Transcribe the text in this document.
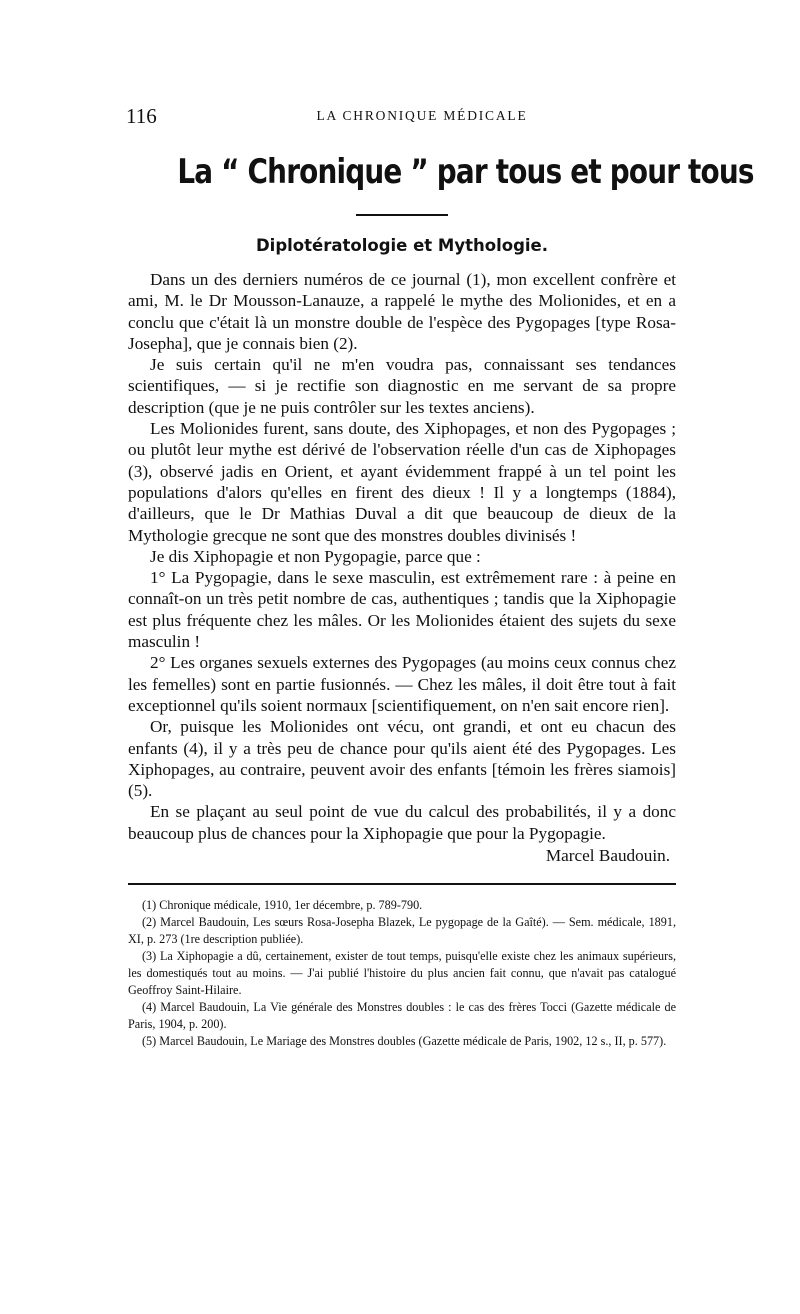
116	LA CHRONIQUE MÉDICALE
La “ Chronique ” par tous et pour tous
Diplotératologie et Mythologie.

Dans un des derniers numéros de ce journal (1), mon excellent confrère et ami, M. le Dr Mousson-Lanauze, a rappelé le mythe des Molionides, et en a conclu que c'était là un monstre double de l'espèce des Pygopages [type Rosa-Josepha], que je connais bien (2).

Je suis certain qu'il ne m'en voudra pas, connaissant ses tendances scientifiques, — si je rectifie son diagnostic en me servant de sa propre description (que je ne puis contrôler sur les textes anciens).

Les Molionides furent, sans doute, des Xiphopages, et non des Pygopages ; ou plutôt leur mythe est dérivé de l'observation réelle d'un cas de Xiphopages (3), observé jadis en Orient, et ayant évidemment frappé à un tel point les populations d'alors qu'elles en firent des dieux ! Il y a longtemps (1884), d'ailleurs, que le Dr Mathias Duval a dit que beaucoup de dieux de la Mythologie grecque ne sont que des monstres doubles divinisés !

Je dis Xiphopagie et non Pygopagie, parce que :

1° La Pygopagie, dans le sexe masculin, est extrêmement rare : à peine en connaît-on un très petit nombre de cas, authentiques ; tandis que la Xiphopagie est plus fréquente chez les mâles. Or les Molionides étaient des sujets du sexe masculin !

2° Les organes sexuels externes des Pygopages (au moins ceux connus chez les femelles) sont en partie fusionnés. — Chez les mâles, il doit être tout à fait exceptionnel qu'ils soient normaux [scientifiquement, on n'en sait encore rien].

Or, puisque les Molionides ont vécu, ont grandi, et ont eu chacun des enfants (4), il y a très peu de chance pour qu'ils aient été des Pygopages. Les Xiphopages, au contraire, peuvent avoir des enfants [témoin les frères siamois] (5).

En se plaçant au seul point de vue du calcul des probabilités, il y a donc beaucoup plus de chances pour la Xiphopagie que pour la Pygopagie.

Marcel Baudouin.

(1) Chronique médicale, 1910, 1er décembre, p. 789-790.

(2) Marcel Baudouin, Les sœurs Rosa-Josepha Blazek, Le pygopage de la Gaîté). — Sem. médicale, 1891, XI, p. 273 (1re description publiée).

(3) La Xiphopagie a dû, certainement, exister de tout temps, puisqu'elle existe chez les animaux supérieurs, les domestiqués tout au moins. — J'ai publié l'histoire du plus ancien fait connu, que n'avait pas catalogué Geoffroy Saint-Hilaire.

(4) Marcel Baudouin, La Vie générale des Monstres doubles : le cas des frères Tocci (Gazette médicale de Paris, 1904, p. 200).

(5) Marcel Baudouin, Le Mariage des Monstres doubles (Gazette médicale de Paris, 1902, 12 s., II, p. 577).
